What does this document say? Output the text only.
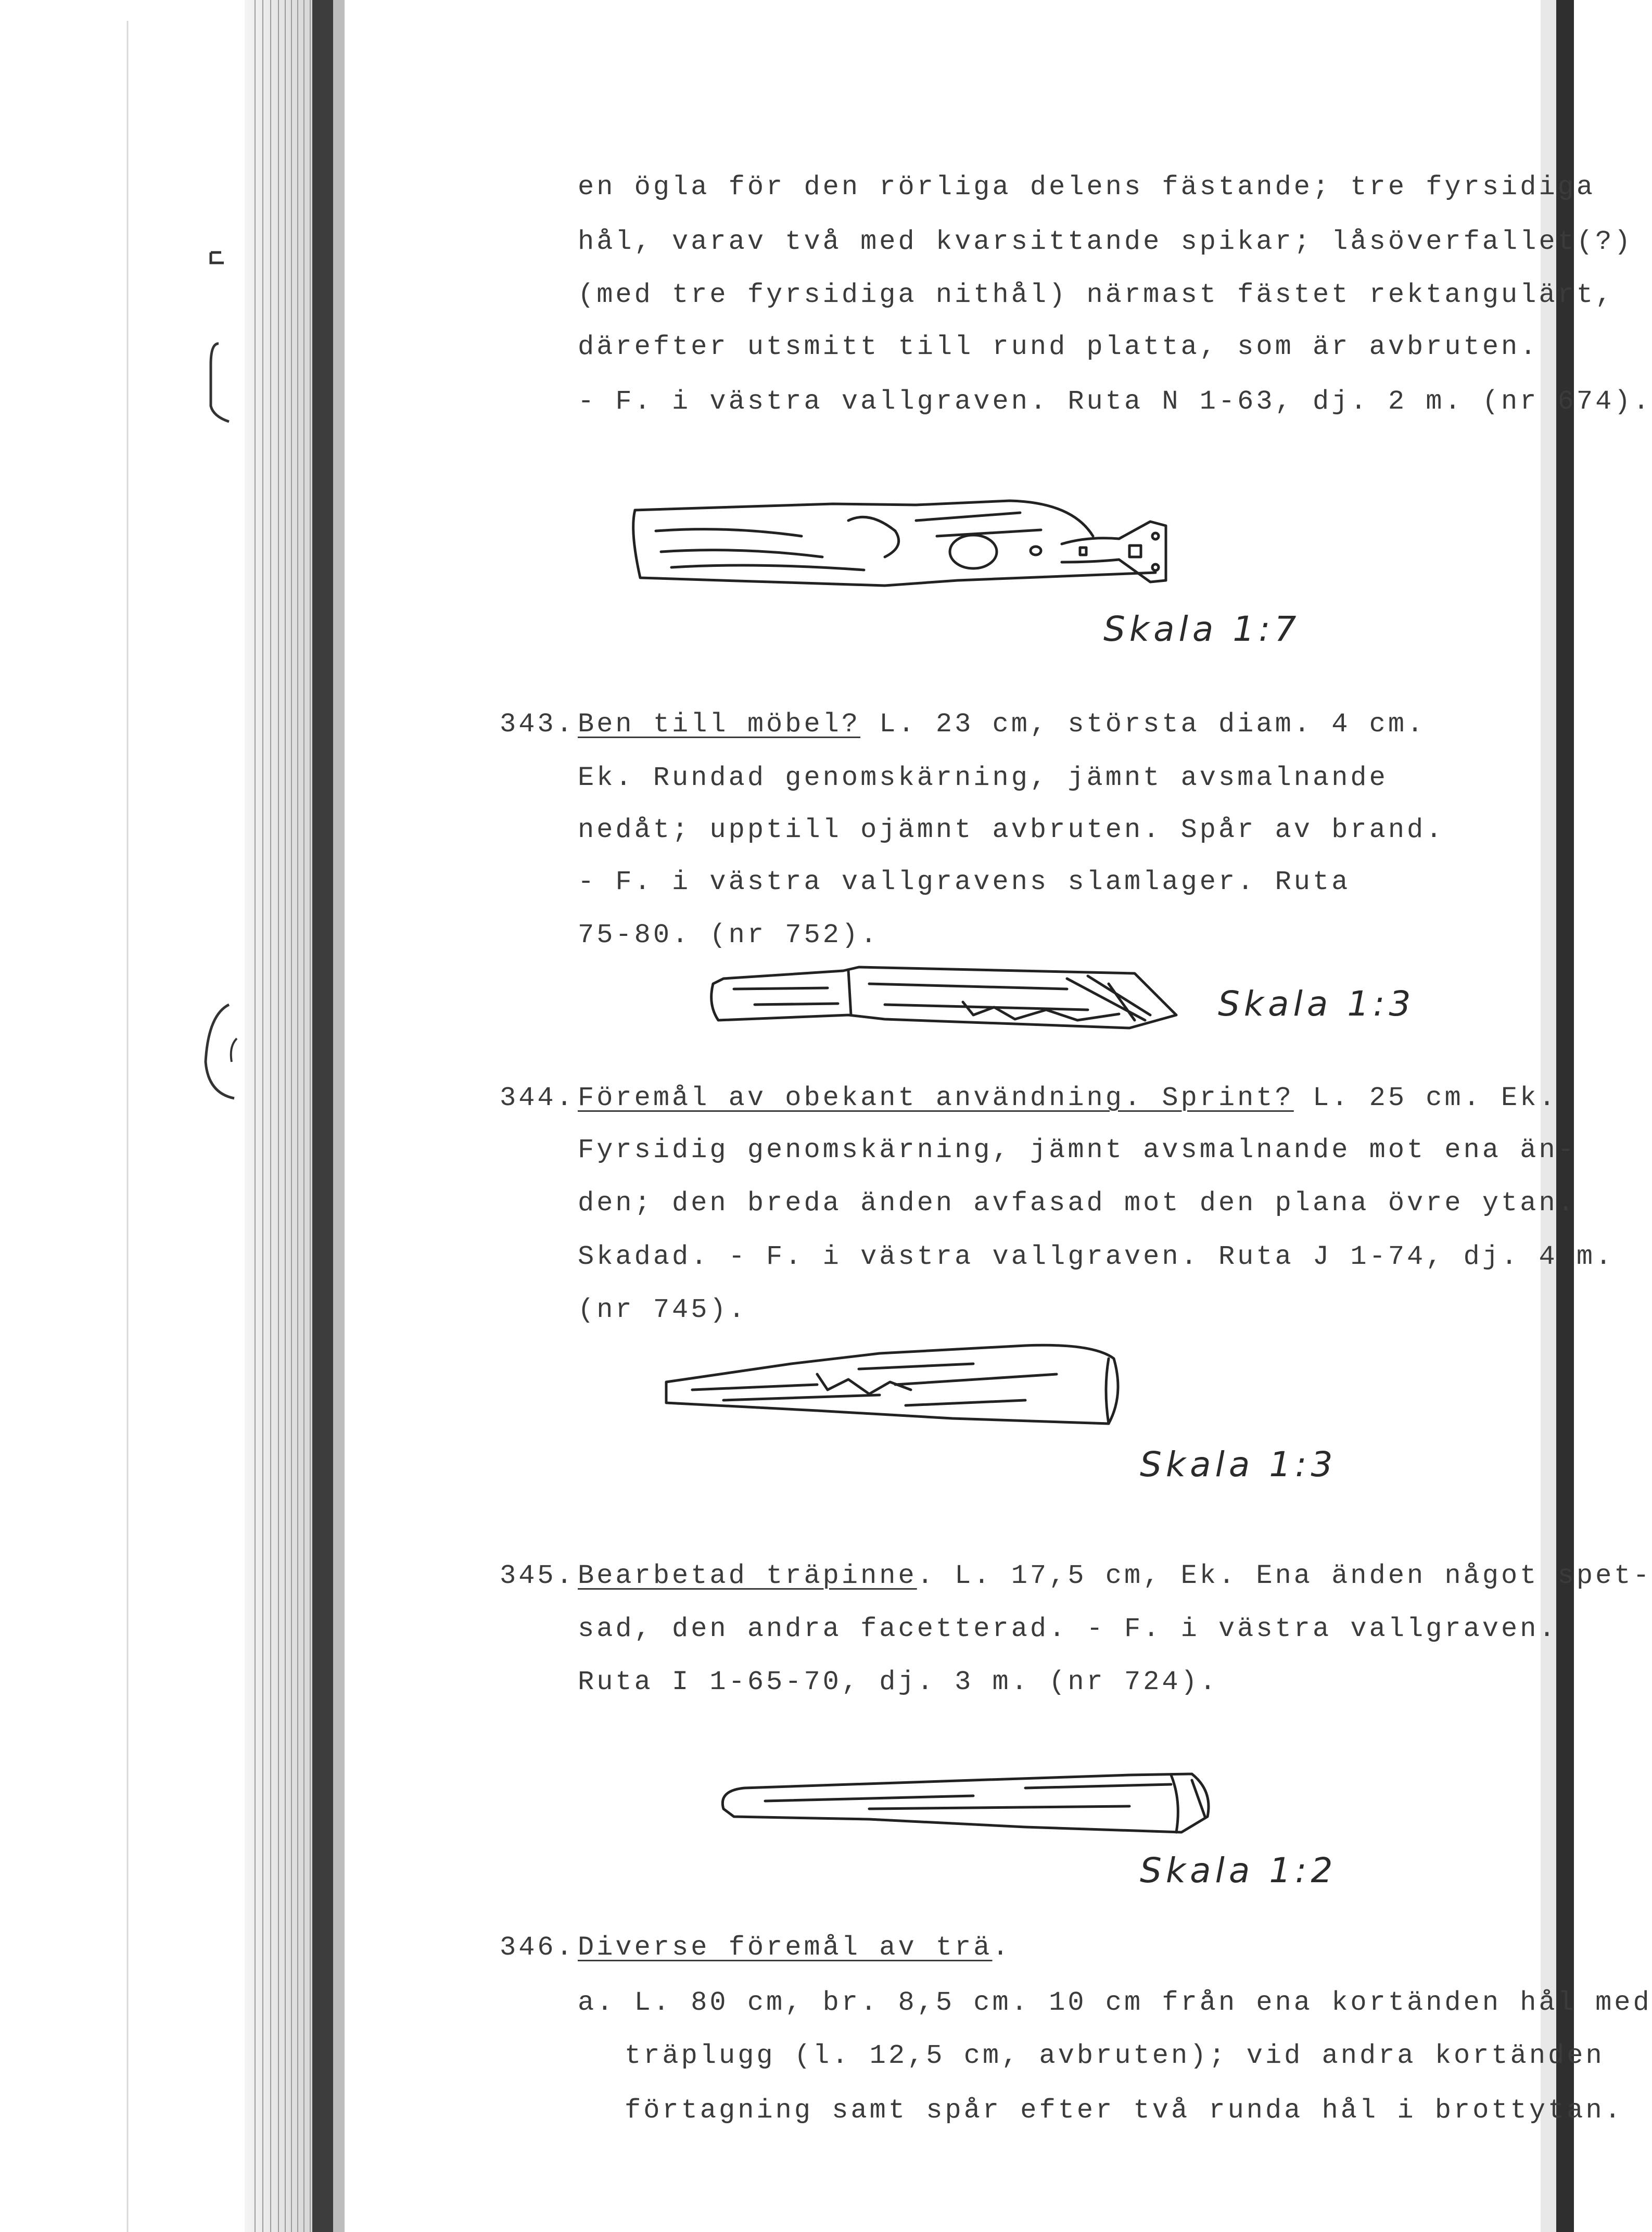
en ögla för den rörliga delens fästande; tre fyrsidiga
hål, varav två med kvarsittande spikar; låsöverfallet(?)
(med tre fyrsidiga nithål) närmast fästet rektangulärt,
därefter utsmitt till rund platta, som är avbruten.
- F. i västra vallgraven. Ruta N 1-63, dj. 2 m. (nr 674).
Skala 1:7
343. Ben till möbel? L. 23 cm, största diam. 4 cm.
Ek. Rundad genomskärning, jämnt avsmalnande
nedåt; upptill ojämnt avbruten. Spår av brand.
- F. i västra vallgravens slamlager. Ruta
75-80. (nr 752).
Skala 1:3
344. Föremål av obekant användning. Sprint? L. 25 cm. Ek.
Fyrsidig genomskärning, jämnt avsmalnande mot ena än-
den; den breda änden avfasad mot den plana övre ytan.
Skadad. - F. i västra vallgraven. Ruta J 1-74, dj. 4 m.
(nr 745).
Skala 1:3
345. Bearbetad träpinne. L. 17,5 cm, Ek. Ena änden något spet-
sad, den andra facetterad. - F. i västra vallgraven.
Ruta I 1-65-70, dj. 3 m. (nr 724).
Skala 1:2
346. Diverse föremål av trä.
a. L. 80 cm, br. 8,5 cm. 10 cm från ena kortänden hål med
träplugg (l. 12,5 cm, avbruten); vid andra kortänden
förtagning samt spår efter två runda hål i brottytan.
